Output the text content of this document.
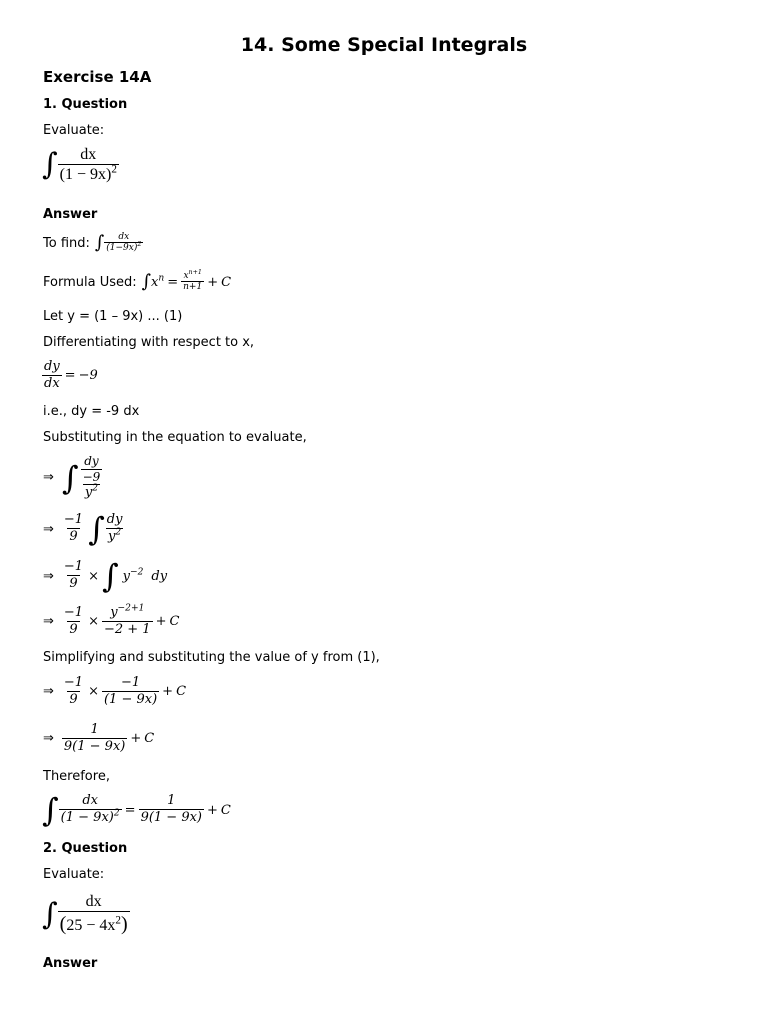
14. Some Special Integrals
Exercise 14A
1. Question
Evaluate:
∫ $\frac{dx}{(1 - 9x)^2}$
Answer
To find: ∫ $\frac{dx}{(1-9x)^2}$
Formula Used: ∫ $x^n = \frac{x^{n+1}}{n+1} + C$
Let y = (1 – 9x) ... (1)
Differentiating with respect to x,
$\frac{dy}{dx} = -9$
i.e., dy = -9 dx
Substituting in the equation to evaluate,
⇒ ∫ $\frac{\frac{dy}{-9}}{y^2}$
⇒ $\frac{-1}{9}$ ∫ $\frac{dy}{y^2}$
⇒ $\frac{-1}{9}$ × ∫ $y^{-2}$ dy
⇒ $\frac{-1}{9} \times \frac{y^{-2+1}}{-2 + 1} + C$
Simplifying and substituting the value of y from (1),
⇒ $\frac{-1}{9} \times \frac{-1}{(1 - 9x)} + C$
⇒ $\frac{1}{9(1 - 9x)} + C$
Therefore,
∫ $\frac{dx}{(1 - 9x)^2} = \frac{1}{9(1 - 9x)} + C$
2. Question
Evaluate:
∫ $\frac{dx}{(25 - 4x^2)}$
Answer
